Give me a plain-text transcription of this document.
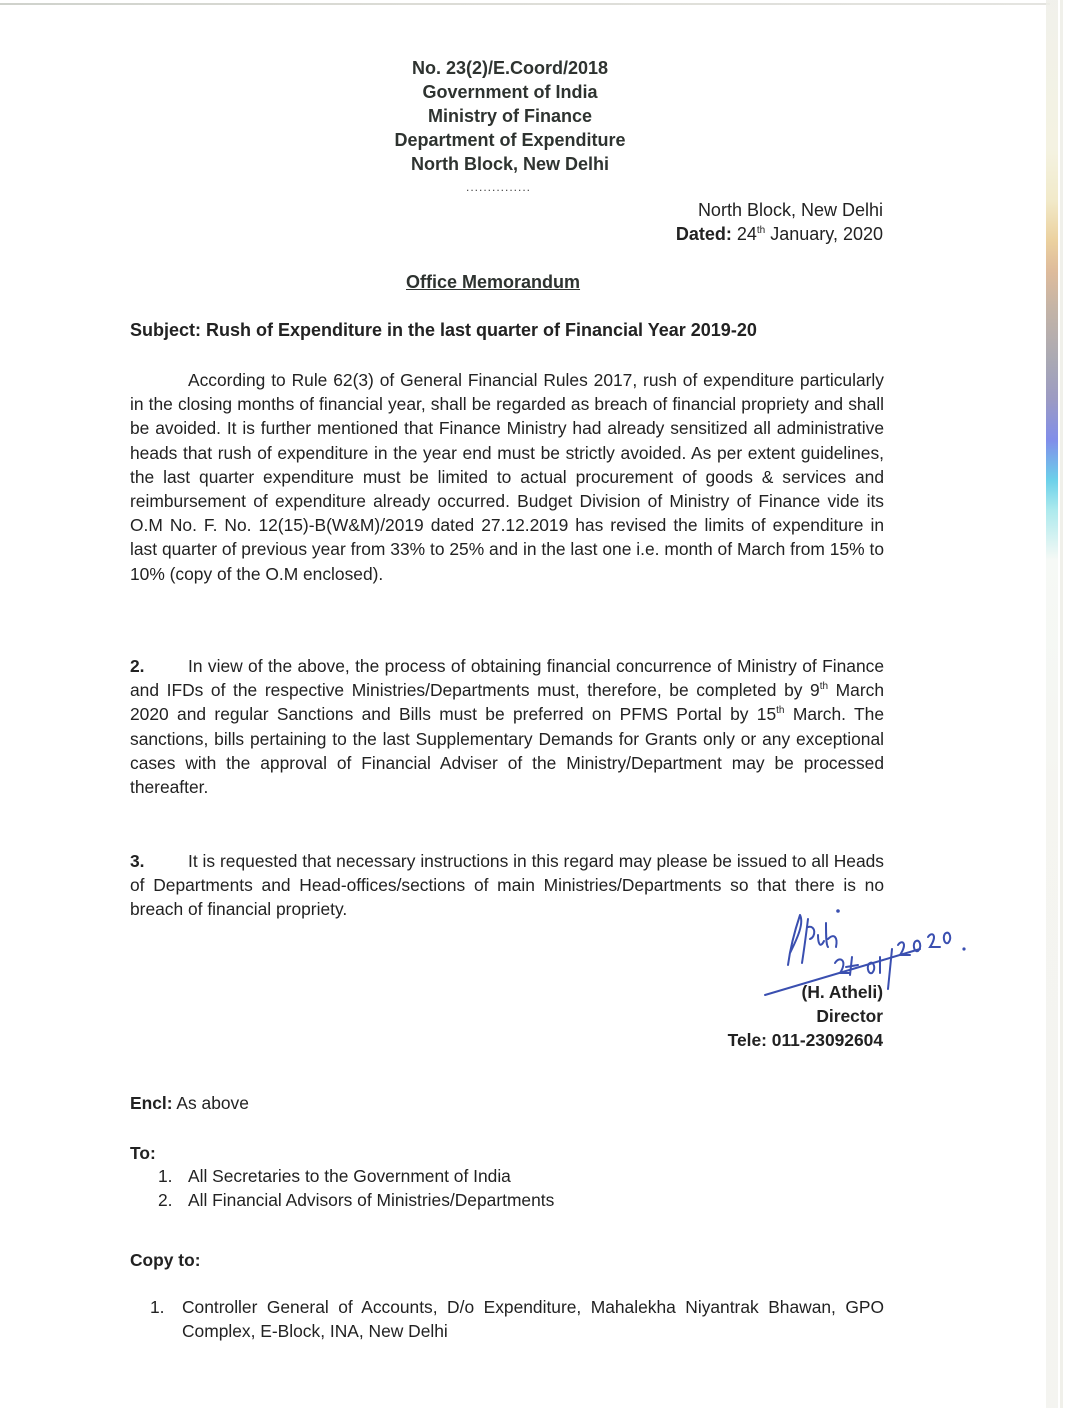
No. 23(2)/E.Coord/2018
Government of India
Ministry of Finance
Department of Expenditure
North Block, New Delhi
...............
North Block, New Delhi
Dated: 24th January, 2020
Office Memorandum
Subject: Rush of Expenditure in the last quarter of Financial Year 2019-20
According to Rule 62(3) of General Financial Rules 2017, rush of expenditure particularly in the closing months of financial year, shall be regarded as breach of financial propriety and shall be avoided. It is further mentioned that Finance Ministry had already sensitized all administrative heads that rush of expenditure in the year end must be strictly avoided. As per extent guidelines, the last quarter expenditure must be limited to actual procurement of goods & services and reimbursement of expenditure already occurred. Budget Division of Ministry of Finance vide its O.M No. F. No. 12(15)-B(W&M)/2019 dated 27.12.2019 has revised the limits of expenditure in last quarter of previous year from 33% to 25% and in the last one i.e. month of March from 15% to 10% (copy of the O.M enclosed).
2. In view of the above, the process of obtaining financial concurrence of Ministry of Finance and IFDs of the respective Ministries/Departments must, therefore, be completed by 9th March 2020 and regular Sanctions and Bills must be preferred on PFMS Portal by 15th March. The sanctions, bills pertaining to the last Supplementary Demands for Grants only or any exceptional cases with the approval of Financial Adviser of the Ministry/Department may be processed thereafter.
3. It is requested that necessary instructions in this regard may please be issued to all Heads of Departments and Head-offices/sections of main Ministries/Departments so that there is no breach of financial propriety.
(H. Atheli)
Director
Tele: 011-23092604
Encl: As above
To:
1. All Secretaries to the Government of India
2. All Financial Advisors of Ministries/Departments
Copy to:
1.	Controller General of Accounts, D/o Expenditure, Mahalekha Niyantrak Bhawan, GPO Complex, E-Block, INA, New Delhi
